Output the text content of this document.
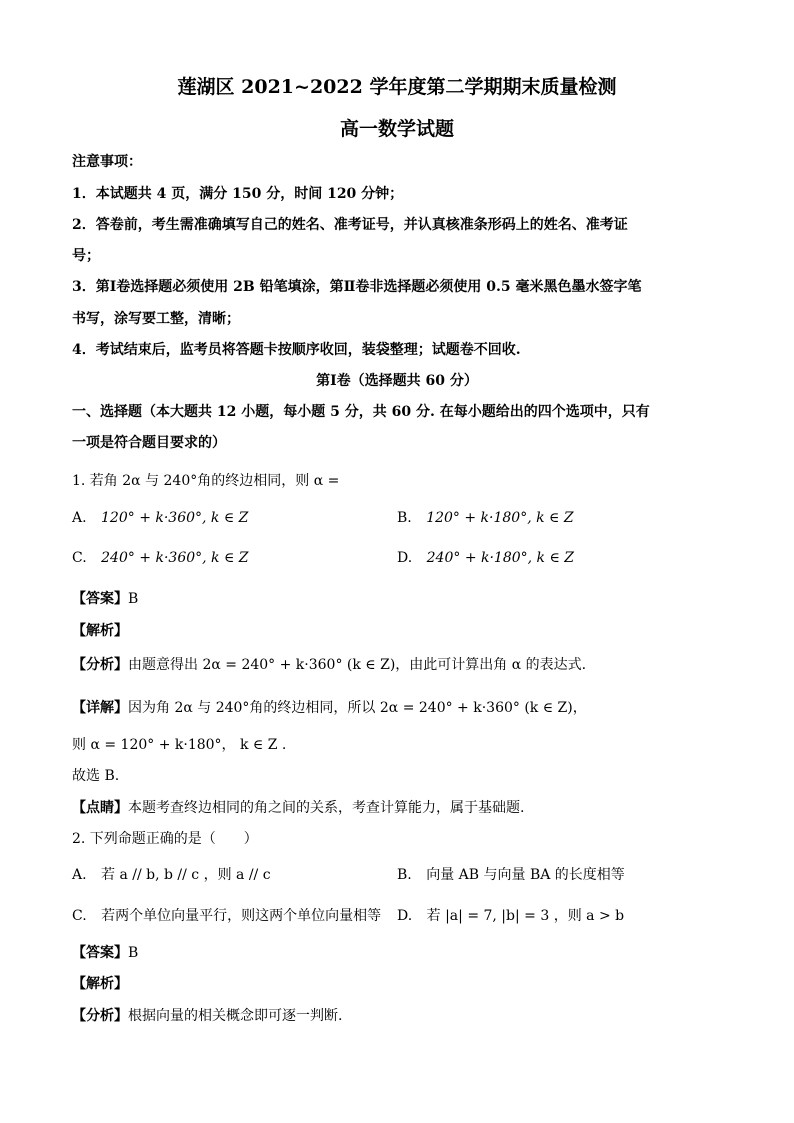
莲湖区 2021~2022 学年度第二学期期末质量检测
高一数学试题
注意事项：
1．本试题共 4 页，满分 150 分，时间 120 分钟；
2．答卷前，考生需准确填写自己的姓名、准考证号，并认真核准条形码上的姓名、准考证
号；
3．第Ⅰ卷选择题必须使用 2B 铅笔填涂，第Ⅱ卷非选择题必须使用 0.5 毫米黑色墨水签字笔
书写，涂写要工整，清晰；
4．考试结束后，监考员将答题卡按顺序收回，装袋整理；试题卷不回收.
第Ⅰ卷（选择题共 60 分）
一、选择题（本大题共 12 小题，每小题 5 分，共 60 分. 在每小题给出的四个选项中，只有
一项是符合题目要求的）
1. 若角 2α 与 240°角的终边相同，则 α =
A. 120° + k·360°, k ∈ Z	B. 120° + k·180°, k ∈ Z
C. 240° + k·360°, k ∈ Z	D. 240° + k·180°, k ∈ Z
【答案】B
【解析】
【分析】由题意得出 2α = 240° + k·360° (k ∈ Z)，由此可计算出角 α 的表达式.
【详解】因为角 2α 与 240°角的终边相同，所以 2α = 240° + k·360° (k ∈ Z)，
则 α = 120° + k·180°， k ∈ Z .
故选 B.
【点睛】本题考查终边相同的角之间的关系，考查计算能力，属于基础题.
2. 下列命题正确的是（　　）
A. 若 a // b, b // c ，则 a // c	B. 向量 AB 与向量 BA 的长度相等
C. 若两个单位向量平行，则这两个单位向量相等 D. 若 |a| = 7, |b| = 3 ，则 a > b
【答案】B
【解析】
【分析】根据向量的相关概念即可逐一判断.
